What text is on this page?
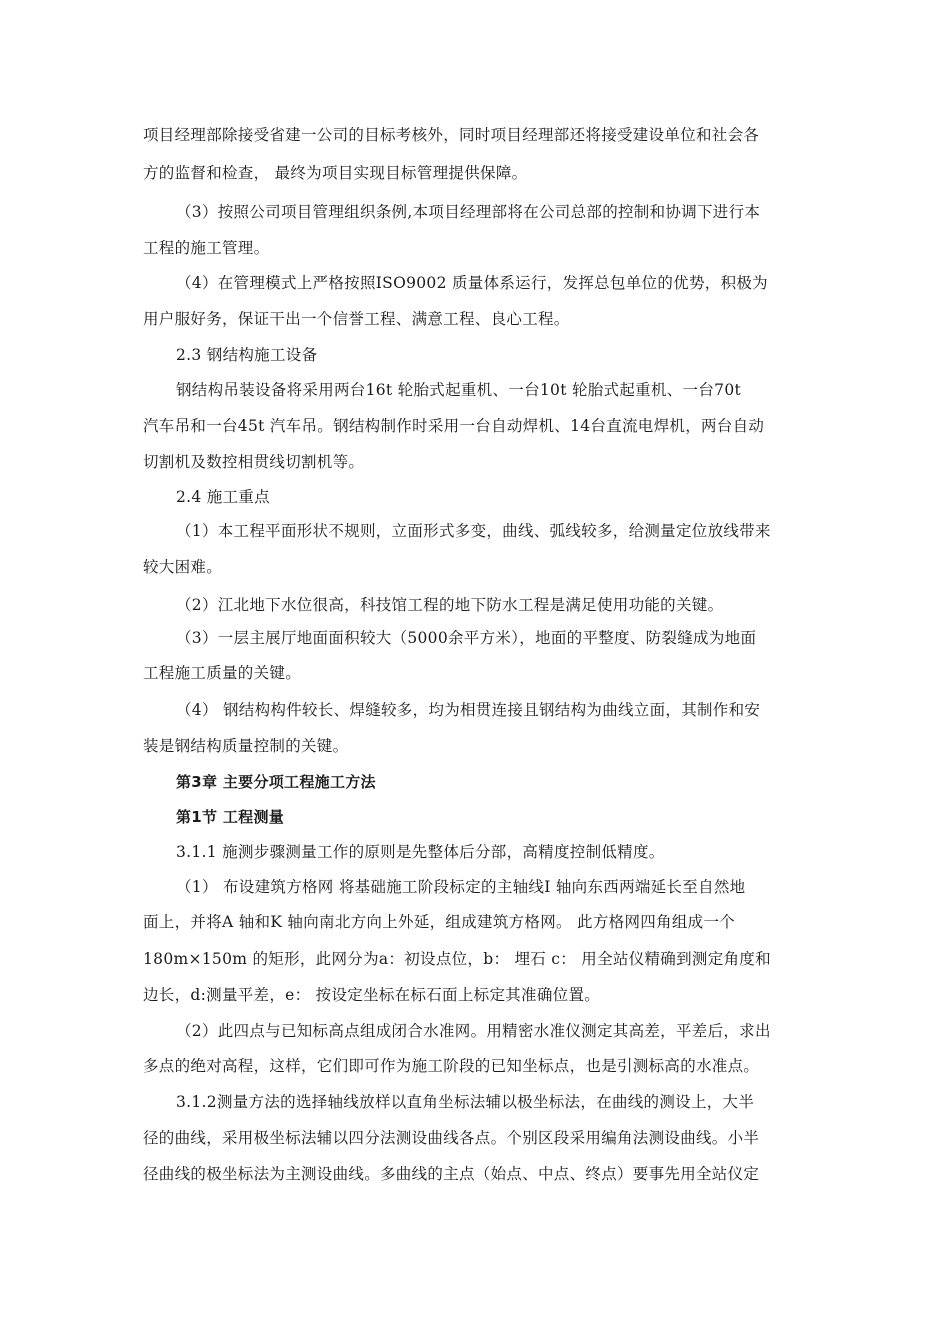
项目经理部除接受省建一公司的目标考核外，同时项目经理部还将接受建设单位和社会各
方的监督和检查， 最终为项目实现目标管理提供保障。
（3）按照公司项目管理组织条例,本项目经理部将在公司总部的控制和协调下进行本
工程的施工管理。
（4）在管理模式上严格按照ISO9002 质量体系运行，发挥总包单位的优势，积极为
用户服好务，保证干出一个信誉工程、满意工程、良心工程。
2.3 钢结构施工设备
钢结构吊装设备将采用两台16t 轮胎式起重机、一台10t 轮胎式起重机、一台70t
汽车吊和一台45t 汽车吊。钢结构制作时采用一台自动焊机、14台直流电焊机，两台自动
切割机及数控相贯线切割机等。
2.4 施工重点
（1）本工程平面形状不规则，立面形式多变，曲线、弧线较多，给测量定位放线带来
较大困难。
（2）江北地下水位很高，科技馆工程的地下防水工程是满足使用功能的关键。
（3）一层主展厅地面面积较大（5000余平方米），地面的平整度、防裂缝成为地面
工程施工质量的关键。
（4） 钢结构构件较长、焊缝较多，均为相贯连接且钢结构为曲线立面，其制作和安
装是钢结构质量控制的关键。
第3章 主要分项工程施工方法
第1节 工程测量
3.1.1 施测步骤测量工作的原则是先整体后分部，高精度控制低精度。
（1） 布设建筑方格网 将基础施工阶段标定的主轴线Ⅰ 轴向东西两端延长至自然地
面上，并将A 轴和K 轴向南北方向上外延，组成建筑方格网。 此方格网四角组成一个
180m×150m 的矩形，此网分为a：初设点位，b： 埋石 c： 用全站仪精确到测定角度和
边长，d:测量平差，e： 按设定坐标在标石面上标定其准确位置。
（2）此四点与已知标高点组成闭合水准网。用精密水准仪测定其高差，平差后，求出
多点的绝对高程，这样，它们即可作为施工阶段的已知坐标点，也是引测标高的水准点。
3.1.2测量方法的选择轴线放样以直角坐标法辅以极坐标法，在曲线的测设上，大半
径的曲线，采用极坐标法辅以四分法测设曲线各点。个别区段采用编角法测设曲线。小半
径曲线的极坐标法为主测设曲线。多曲线的主点（始点、中点、终点）要事先用全站仪定
